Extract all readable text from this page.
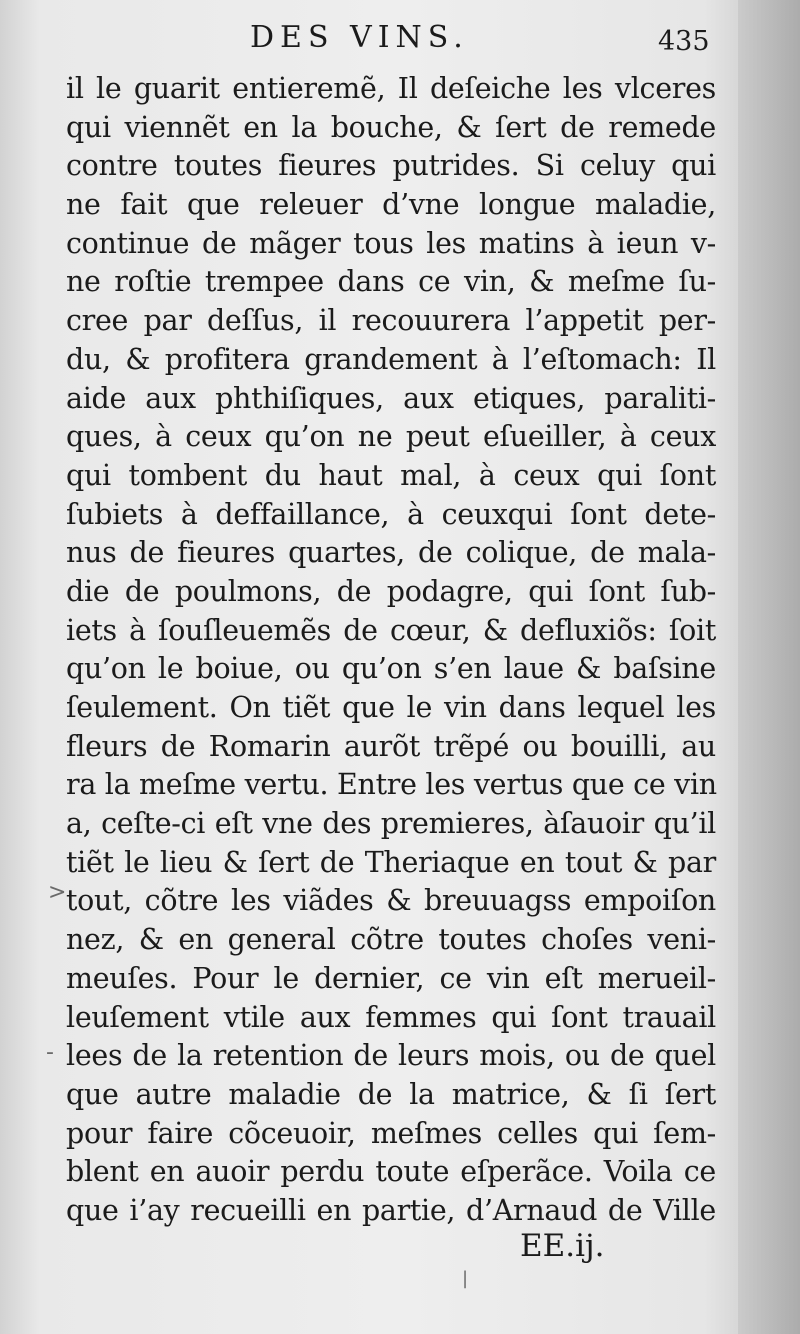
DES VINS.	435
il le guarit entieremẽ, Il deſeiche les vlceres
qui viennẽt en la bouche, & ſert de remede
contre toutes fieures putrides. Si celuy qui
ne fait que releuer d’vne longue maladie,
continue de mãger tous les matins à ieun v-
ne roſtie trempee dans ce vin, & meſme ſu-
cree par deſſus, il recouurera l’appetit per-
du, & profitera grandement à l’eſtomach: Il
aide aux phthiſiques, aux etiques, paraliti-
ques, à ceux qu’on ne peut eſueiller, à ceux
qui tombent du haut mal, à ceux qui ſont
ſubiets à deffaillance, à ceuxqui ſont dete-
nus de fieures quartes, de colique, de mala-
die de poulmons, de podagre, qui ſont ſub-
iets à ſouſleuemẽs de cœur, & defluxiõs: ſoit
qu’on le boiue, ou qu’on s’en laue & baſsine
ſeulement. On tiẽt que le vin dans lequel les
fleurs de Romarin aurõt trẽpé ou bouilli, au
ra la meſme vertu. Entre les vertus que ce vin
a, ceſte-ci eſt vne des premieres, àſauoir qu’il
tiẽt le lieu & ſert de Theriaque en tout & par
tout, cõtre les viãdes & breuuagss empoiſon
nez, & en general cõtre toutes choſes veni-
meuſes. Pour le dernier, ce vin eſt merueil-
leuſement vtile aux femmes qui ſont trauail
lees de la retention de leurs mois, ou de quel
que autre maladie de la matrice, & ſi ſert
pour faire cõceuoir, meſmes celles qui ſem-
blent en auoir perdu toute eſperãce. Voila ce
que i’ay recueilli en partie, d’Arnaud de Ville
EE.ij.
>
-
|
